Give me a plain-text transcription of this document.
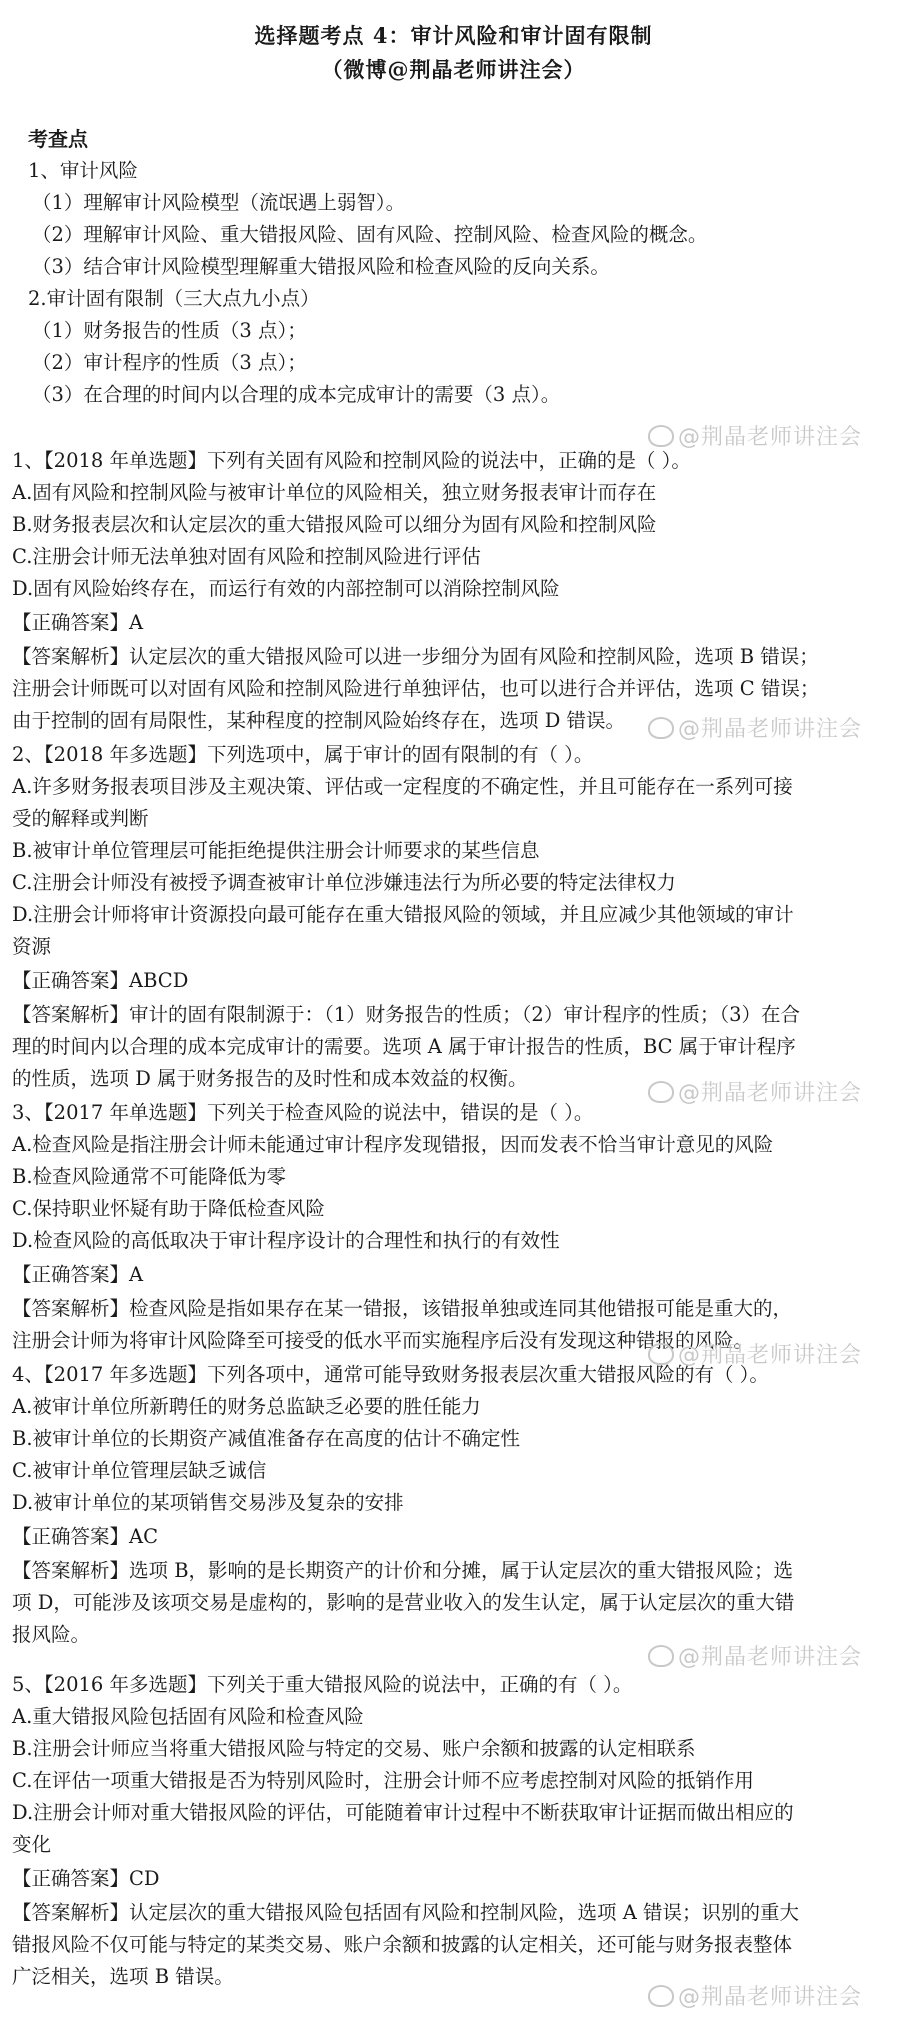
选择题考点 4：审计风险和审计固有限制
（微博@荆晶老师讲注会）
考查点
1、审计风险
（1）理解审计风险模型（流氓遇上弱智）。
（2）理解审计风险、重大错报风险、固有风险、控制风险、检查风险的概念。
（3）结合审计风险模型理解重大错报风险和检查风险的反向关系。
2.审计固有限制（三大点九小点）
（1）财务报告的性质（3 点）；
（2）审计程序的性质（3 点）；
（3）在合理的时间内以合理的成本完成审计的需要（3 点）。
1、【2018 年单选题】下列有关固有风险和控制风险的说法中，正确的是（ ）。
A.固有风险和控制风险与被审计单位的风险相关，独立财务报表审计而存在
B.财务报表层次和认定层次的重大错报风险可以细分为固有风险和控制风险
C.注册会计师无法单独对固有风险和控制风险进行评估
D.固有风险始终存在，而运行有效的内部控制可以消除控制风险
【正确答案】A
【答案解析】认定层次的重大错报风险可以进一步细分为固有风险和控制风险，选项 B 错误；
注册会计师既可以对固有风险和控制风险进行单独评估，也可以进行合并评估，选项 C 错误；
由于控制的固有局限性，某种程度的控制风险始终存在，选项 D 错误。
2、【2018 年多选题】下列选项中，属于审计的固有限制的有（ ）。
A.许多财务报表项目涉及主观决策、评估或一定程度的不确定性，并且可能存在一系列可接
受的解释或判断
B.被审计单位管理层可能拒绝提供注册会计师要求的某些信息
C.注册会计师没有被授予调查被审计单位涉嫌违法行为所必要的特定法律权力
D.注册会计师将审计资源投向最可能存在重大错报风险的领域，并且应减少其他领域的审计
资源
【正确答案】ABCD
【答案解析】审计的固有限制源于：（1）财务报告的性质；（2）审计程序的性质；（3）在合
理的时间内以合理的成本完成审计的需要。选项 A 属于审计报告的性质，BC 属于审计程序
的性质，选项 D 属于财务报告的及时性和成本效益的权衡。
3、【2017 年单选题】下列关于检查风险的说法中，错误的是（ ）。
A.检查风险是指注册会计师未能通过审计程序发现错报，因而发表不恰当审计意见的风险
B.检查风险通常不可能降低为零
C.保持职业怀疑有助于降低检查风险
D.检查风险的高低取决于审计程序设计的合理性和执行的有效性
【正确答案】A
【答案解析】检查风险是指如果存在某一错报，该错报单独或连同其他错报可能是重大的，
注册会计师为将审计风险降至可接受的低水平而实施程序后没有发现这种错报的风险。
4、【2017 年多选题】下列各项中，通常可能导致财务报表层次重大错报风险的有（ ）。
A.被审计单位所新聘任的财务总监缺乏必要的胜任能力
B.被审计单位的长期资产减值准备存在高度的估计不确定性
C.被审计单位管理层缺乏诚信
D.被审计单位的某项销售交易涉及复杂的安排
【正确答案】AC
【答案解析】选项 B，影响的是长期资产的计价和分摊，属于认定层次的重大错报风险；选
项 D，可能涉及该项交易是虚构的，影响的是营业收入的发生认定，属于认定层次的重大错
报风险。
5、【2016 年多选题】下列关于重大错报风险的说法中，正确的有（ ）。
A.重大错报风险包括固有风险和检查风险
B.注册会计师应当将重大错报风险与特定的交易、账户余额和披露的认定相联系
C.在评估一项重大错报是否为特别风险时，注册会计师不应考虑控制对风险的抵销作用
D.注册会计师对重大错报风险的评估，可能随着审计过程中不断获取审计证据而做出相应的
变化
【正确答案】CD
【答案解析】认定层次的重大错报风险包括固有风险和控制风险，选项 A 错误；识别的重大
错报风险不仅可能与特定的某类交易、账户余额和披露的认定相关，还可能与财务报表整体
广泛相关，选项 B 错误。
@荆晶老师讲注会
@荆晶老师讲注会
@荆晶老师讲注会
@荆晶老师讲注会
@荆晶老师讲注会
@荆晶老师讲注会
